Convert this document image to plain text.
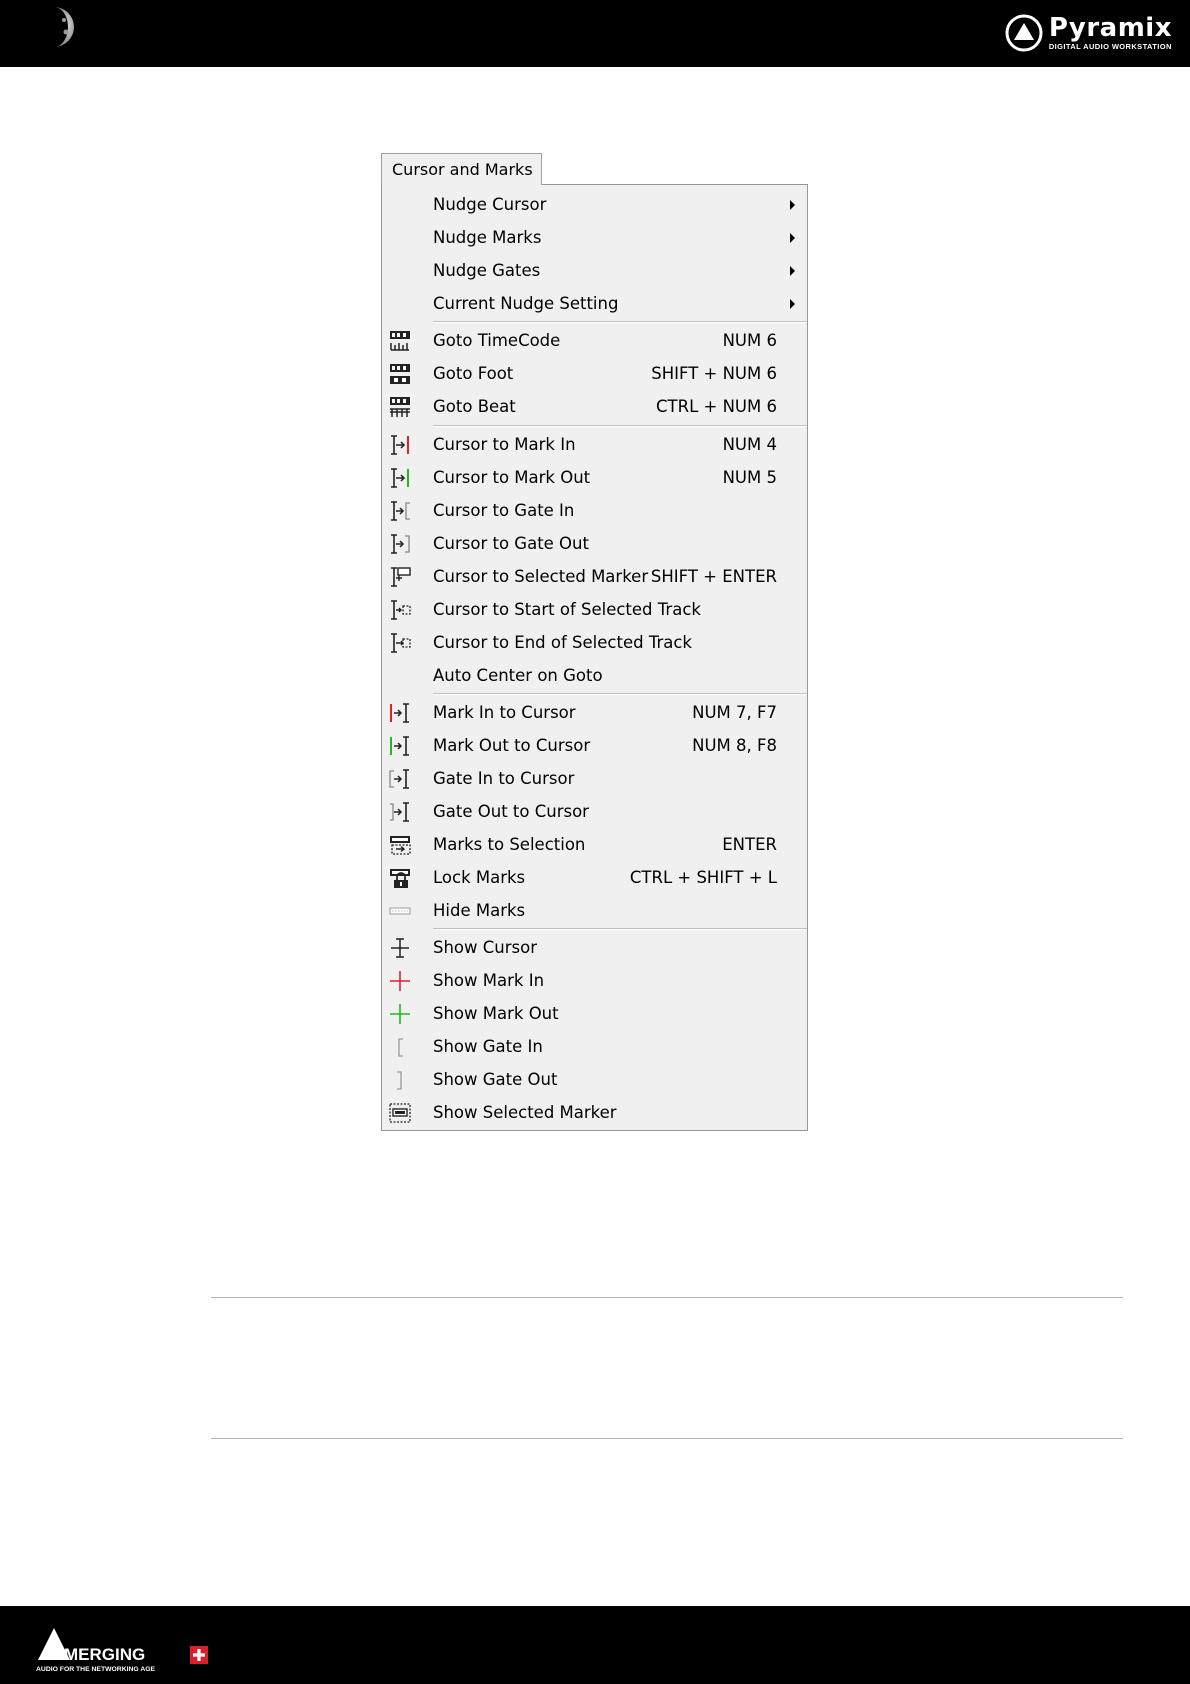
Pyramix
DIGITAL AUDIO WORKSTATION
Cursor and Marks
Nudge Cursor
Nudge Marks
Nudge Gates
Current Nudge Setting
Goto TimeCode	NUM 6
Goto Foot	SHIFT + NUM 6
Goto Beat	CTRL + NUM 6
Cursor to Mark In	NUM 4
Cursor to Mark Out	NUM 5
Cursor to Gate In
Cursor to Gate Out
Cursor to Selected Marker SHIFT + ENTER
Cursor to Start of Selected Track
Cursor to End of Selected Track
Auto Center on Goto
Mark In to Cursor	NUM 7, F7
Mark Out to Cursor	NUM 8, F8
Gate In to Cursor
Gate Out to Cursor
Marks to Selection	ENTER
Lock Marks	CTRL + SHIFT + L
Hide Marks
Show Cursor
Show Mark In
Show Mark Out
Show Gate In
Show Gate Out
Show Selected Marker
MERGING
AUDIO FOR THE NETWORKING AGE
